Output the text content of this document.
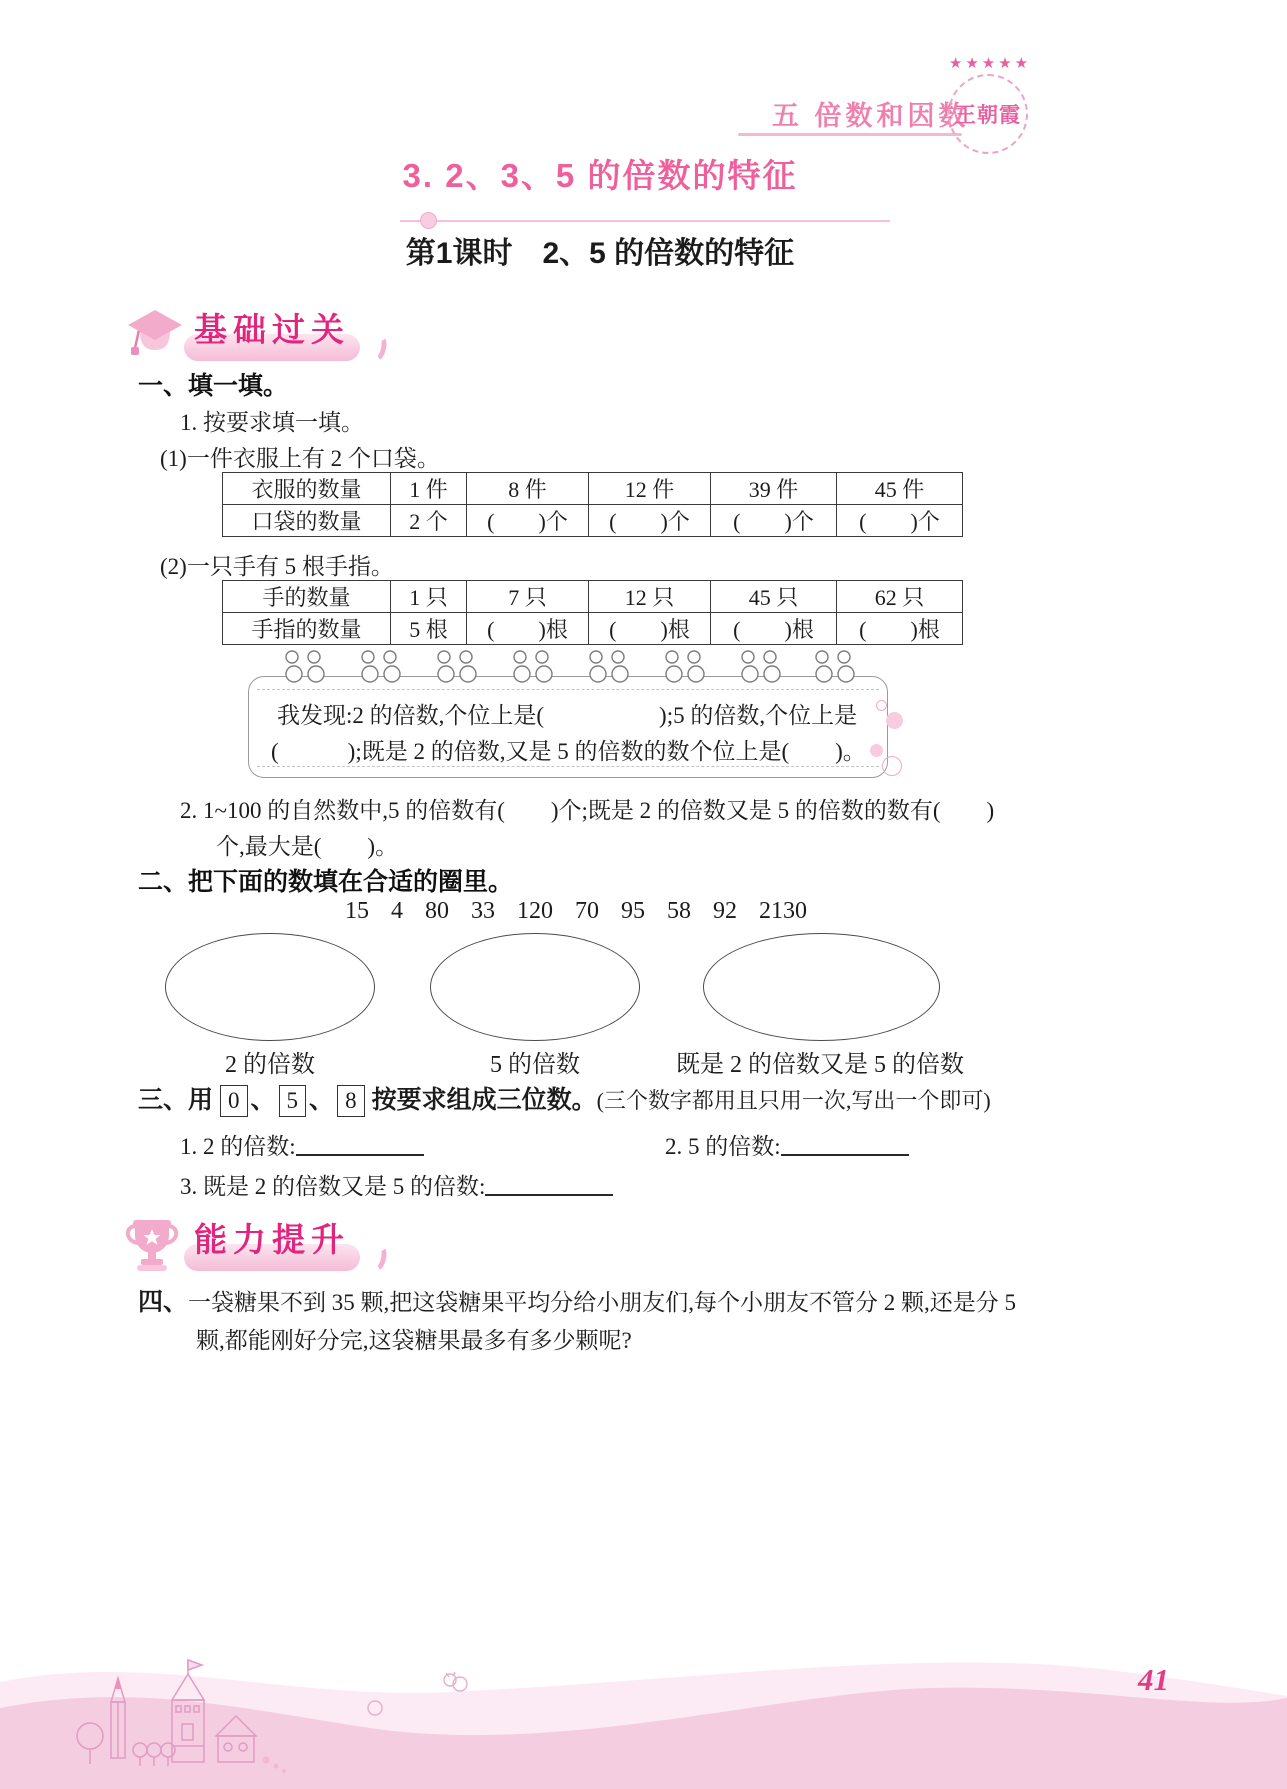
五 倍数和因数
★★★★★
王朝霞
3. 2、3、5 的倍数的特征
第1课时　2、5 的倍数的特征
基础过关
一、填一填。
1. 按要求填一填。
(1)一件衣服上有 2 个口袋。
衣服的数量	1 件	8 件	12 件	39 件	45 件
口袋的数量	2 个	(　　)个	(　　)个	(　　)个	(　　)个
(2)一只手有 5 根手指。
手的数量	1 只	7 只	12 只	45 只	62 只
手指的数量	5 根	(　　)根	(　　)根	(　　)根	(　　)根
我发现:2 的倍数,个位上是(　　　　　);5 的倍数,个位上是
(　　　);既是 2 的倍数,又是 5 的倍数的数个位上是(　　)。
2. 1~100 的自然数中,5 的倍数有(　　)个;既是 2 的倍数又是 5 的倍数的数有(　　)
个,最大是(　　)。
二、把下面的数填在合适的圈里。
15 4 80 33 120 70 95 58 92 2130
2 的倍数	5 的倍数	既是 2 的倍数又是 5 的倍数
三、用 0 、 5 、 8 按要求组成三位数。(三个数字都用且只用一次,写出一个即可)
1. 2 的倍数:	2. 5 的倍数:
3. 既是 2 的倍数又是 5 的倍数:
能力提升
四、一袋糖果不到 35 颗,把这袋糖果平均分给小朋友们,每个小朋友不管分 2 颗,还是分 5
颗,都能刚好分完,这袋糖果最多有多少颗呢?
41
